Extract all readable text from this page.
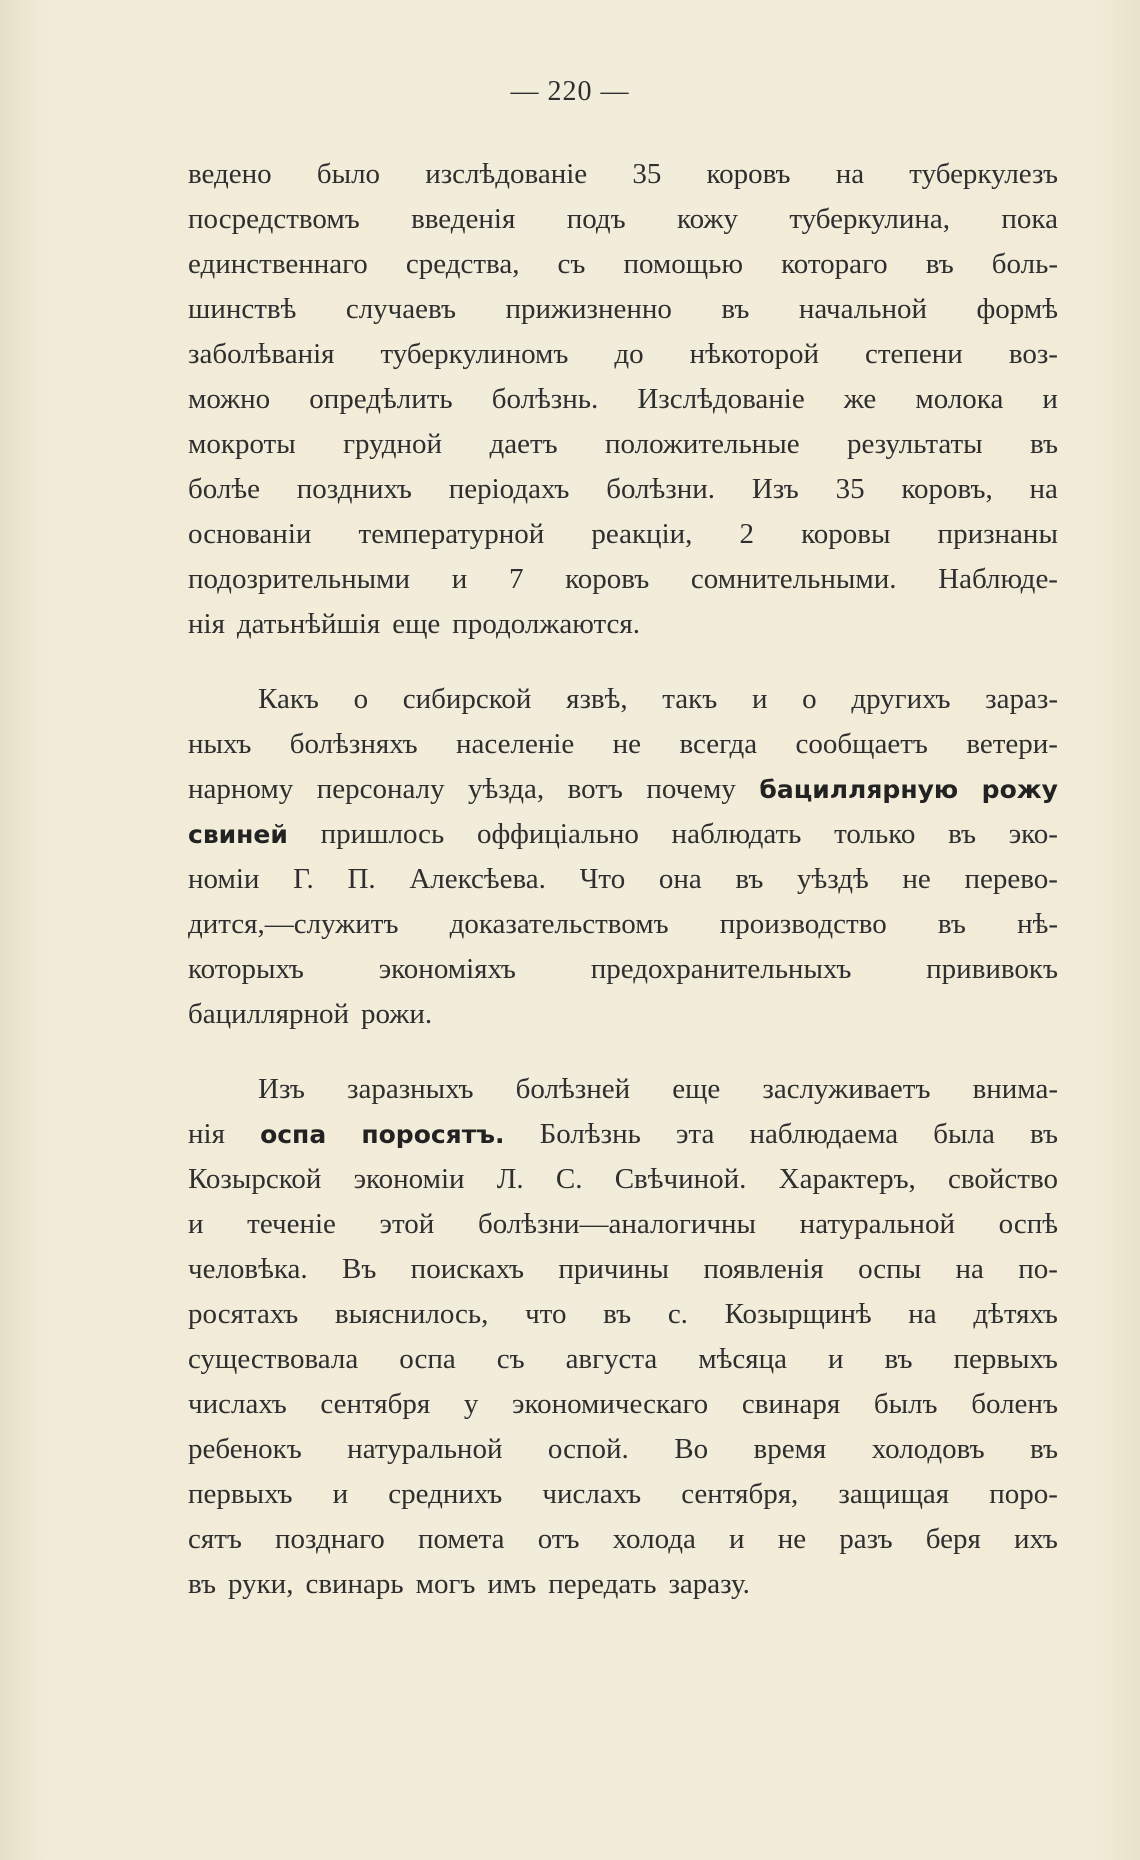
— 220 —
ведено было изслѣдованіе 35 коровъ на туберкулезъ
посредствомъ введенія подъ кожу туберкулина, пока
единственнаго средства, съ помощью котораго въ боль-
шинствѣ случаевъ прижизненно въ начальной формѣ
заболѣванія туберкулиномъ до нѣкоторой степени воз-
можно опредѣлить болѣзнь. Изслѣдованіе же молока и
мокроты грудной даетъ положительные результаты въ
болѣе позднихъ періодахъ болѣзни. Изъ 35 коровъ, на
основаніи температурной реакціи, 2 коровы признаны
подозрительными и 7 коровъ сомнительными. Наблюде-
нія датьнѣйшія еще продолжаются.
Какъ о сибирской язвѣ, такъ и о другихъ зараз-
ныхъ болѣзняхъ населеніе не всегда сообщаетъ ветери-
нарному персоналу уѣзда, вотъ почему бациллярную рожу
свиней пришлось оффиціально наблюдать только въ эко-
номіи Г. П. Алексѣева. Что она въ уѣздѣ не перево-
дится,—служитъ доказательствомъ производство въ нѣ-
которыхъ	экономіяхъ	предохранительныхъ	прививокъ
бациллярной рожи.
Изъ заразныхъ болѣзней еще заслуживаетъ внима-
нія оспа поросятъ. Болѣзнь эта наблюдаема была въ
Козырской экономіи Л. С. Свѣчиной. Характеръ, свойство
и теченіе этой болѣзни—аналогичны натуральной оспѣ
человѣка. Въ поискахъ причины появленія оспы на по-
росятахъ выяснилось, что въ с. Козырщинѣ на дѣтяхъ
существовала оспа съ августа мѣсяца и въ первыхъ
числахъ сентября у экономическаго свинаря былъ боленъ
ребенокъ натуральной оспой. Во время холодовъ въ
первыхъ и среднихъ числахъ сентября, защищая поро-
сятъ позднаго помета отъ холода и не разъ беря ихъ
въ руки, свинарь могъ имъ передать заразу.
